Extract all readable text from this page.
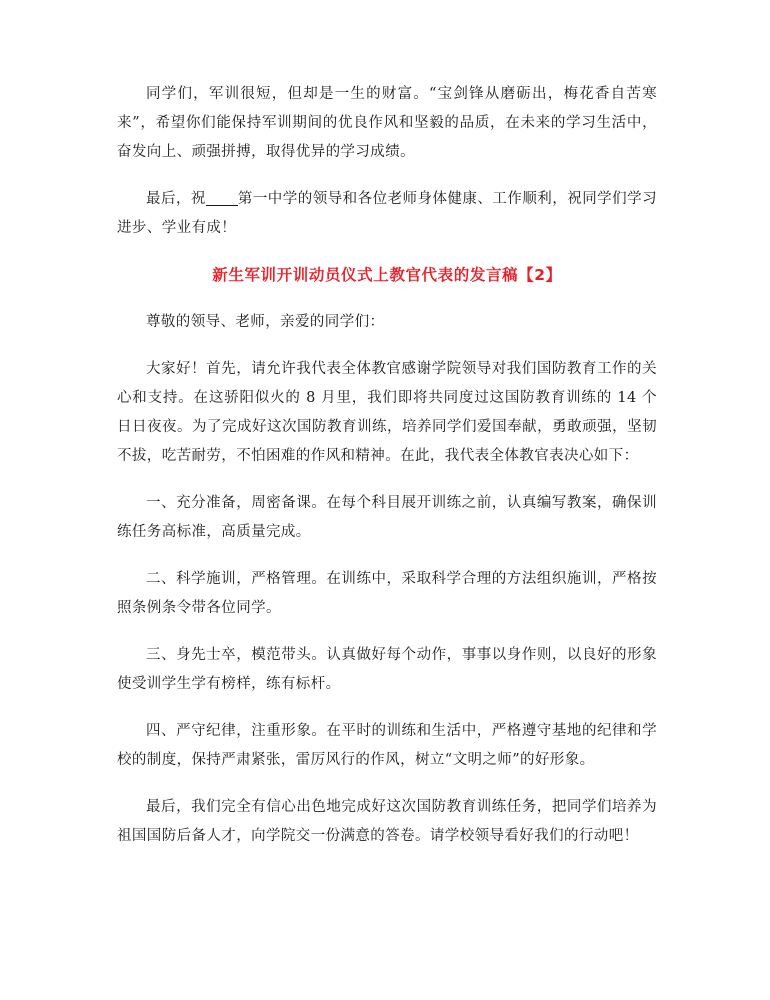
同学们，军训很短，但却是一生的财富。“宝剑锋从磨砺出，梅花香自苦寒来”，希望你们能保持军训期间的优良作风和坚毅的品质，在未来的学习生活中，奋发向上、顽强拼搏，取得优异的学习成绩。

最后，祝 第一中学的领导和各位老师身体健康、工作顺利，祝同学们学习进步、学业有成！

新生军训开训动员仪式上教官代表的发言稿【2】

尊敬的领导、老师，亲爱的同学们：

大家好！首先，请允许我代表全体教官感谢学院领导对我们国防教育工作的关心和支持。在这骄阳似火的 8 月里，我们即将共同度过这国防教育训练的 14 个日日夜夜。为了完成好这次国防教育训练，培养同学们爱国奉献，勇敢顽强，坚韧不拔，吃苦耐劳，不怕困难的作风和精神。在此，我代表全体教官表决心如下：

一、充分准备，周密备课。在每个科目展开训练之前，认真编写教案，确保训练任务高标准，高质量完成。

二、科学施训，严格管理。在训练中，采取科学合理的方法组织施训，严格按照条例条令带各位同学。

三、身先士卒，模范带头。认真做好每个动作，事事以身作则，以良好的形象使受训学生学有榜样，练有标杆。

四、严守纪律，注重形象。在平时的训练和生活中，严格遵守基地的纪律和学校的制度，保持严肃紧张，雷厉风行的作风，树立“文明之师”的好形象。

最后，我们完全有信心出色地完成好这次国防教育训练任务，把同学们培养为祖国国防后备人才，向学院交一份满意的答卷。请学校领导看好我们的行动吧！
